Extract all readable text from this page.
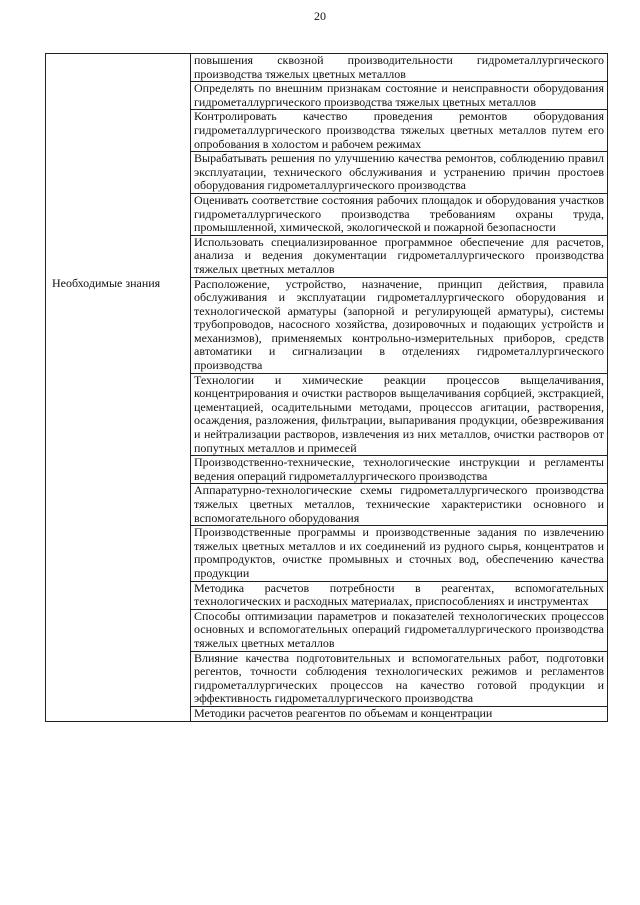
20
	повышения сквозной производительности гидрометаллургического производства тяжелых цветных металлов
	Определять по внешним признакам состояние и неисправности оборудования гидрометаллургического производства тяжелых цветных металлов
	Контролировать качество проведения ремонтов оборудования гидрометаллургического производства тяжелых цветных металлов путем его опробования в холостом и рабочем режимах
	Вырабатывать решения по улучшению качества ремонтов, соблюдению правил эксплуатации, технического обслуживания и устранению причин простоев оборудования гидрометаллургического производства
	Оценивать соответствие состояния рабочих площадок и оборудования участков гидрометаллургического производства требованиям охраны труда, промышленной, химической, экологической и пожарной безопасности
	Использовать специализированное программное обеспечение для расчетов, анализа и ведения документации гидрометаллургического производства тяжелых цветных металлов
Необходимые знания	Расположение, устройство, назначение, принцип действия, правила обслуживания и эксплуатации гидрометаллургического оборудования и технологической арматуры (запорной и регулирующей арматуры), системы трубопроводов, насосного хозяйства, дозировочных и подающих устройств и механизмов), применяемых контрольно-измерительных приборов, средств автоматики и сигнализации в отделениях гидрометаллургического производства
	Технологии и химические реакции процессов выщелачивания, концентрирования и очистки растворов выщелачивания сорбцией, экстракцией, цементацией, осадительными методами, процессов агитации, растворения, осаждения, разложения, фильтрации, выпаривания продукции, обезвреживания и нейтрализации растворов, извлечения из них металлов, очистки растворов от попутных металлов и примесей
	Производственно-технические, технологические инструкции и регламенты ведения операций гидрометаллургического производства
	Аппаратурно-технологические схемы гидрометаллургического производства тяжелых цветных металлов, технические характеристики основного и вспомогательного оборудования
	Производственные программы и производственные задания по извлечению тяжелых цветных металлов и их соединений из рудного сырья, концентратов и промпродуктов, очистке промывных и сточных вод, обеспечению качества продукции
	Методика расчетов потребности в реагентах, вспомогательных технологических и расходных материалах, приспособлениях и инструментах
	Способы оптимизации параметров и показателей технологических процессов основных и вспомогательных операций гидрометаллургического производства тяжелых цветных металлов
	Влияние качества подготовительных и вспомогательных работ, подготовки регентов, точности соблюдения технологических режимов и регламентов гидрометаллургических процессов на качество готовой продукции и эффективность гидрометаллургического производства
	Методики расчетов реагентов по объемам и концентрации
